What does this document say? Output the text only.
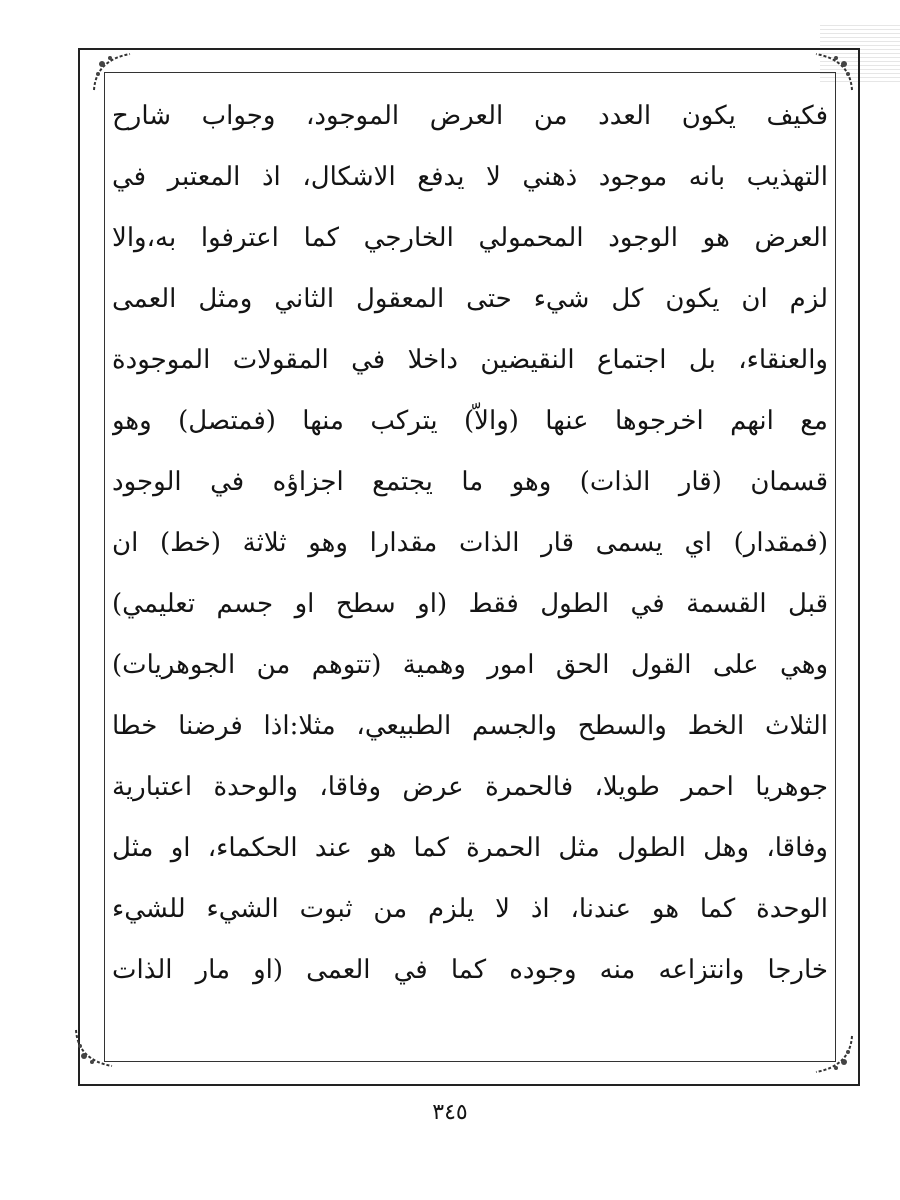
فكيف يكون العدد من العرض الموجود، وجواب شارح
التهذيب بانه موجود ذهني لا يدفع الاشكال، اذ المعتبر في
العرض هو الوجود المحمولي الخارجي كما اعترفوا به،والا
لزم ان يكون كل شيء حتى المعقول الثاني ومثل العمى
والعنقاء، بل اجتماع النقيضين داخلا في المقولات الموجودة
مع انهم اخرجوها عنها (والاّ) يتركب منها (فمتصل) وهو
قسمان (قار الذات) وهو ما يجتمع اجزاؤه في الوجود
(فمقدار) اي يسمى قار الذات مقدارا وهو ثلاثة (خط) ان
قبل القسمة في الطول فقط (او سطح او جسم تعليمي)
وهي على القول الحق امور وهمية (تتوهم من الجوهريات)
الثلاث الخط والسطح والجسم الطبيعي، مثلا:اذا فرضنا خطا
جوهريا احمر طويلا، فالحمرة عرض وفاقا، والوحدة اعتبارية
وفاقا، وهل الطول مثل الحمرة كما هو عند الحكماء، او مثل
الوحدة كما هو عندنا، اذ لا يلزم من ثبوت الشيء للشيء
خارجا وانتزاعه منه وجوده كما في العمى (او مار الذات
٣٤٥
